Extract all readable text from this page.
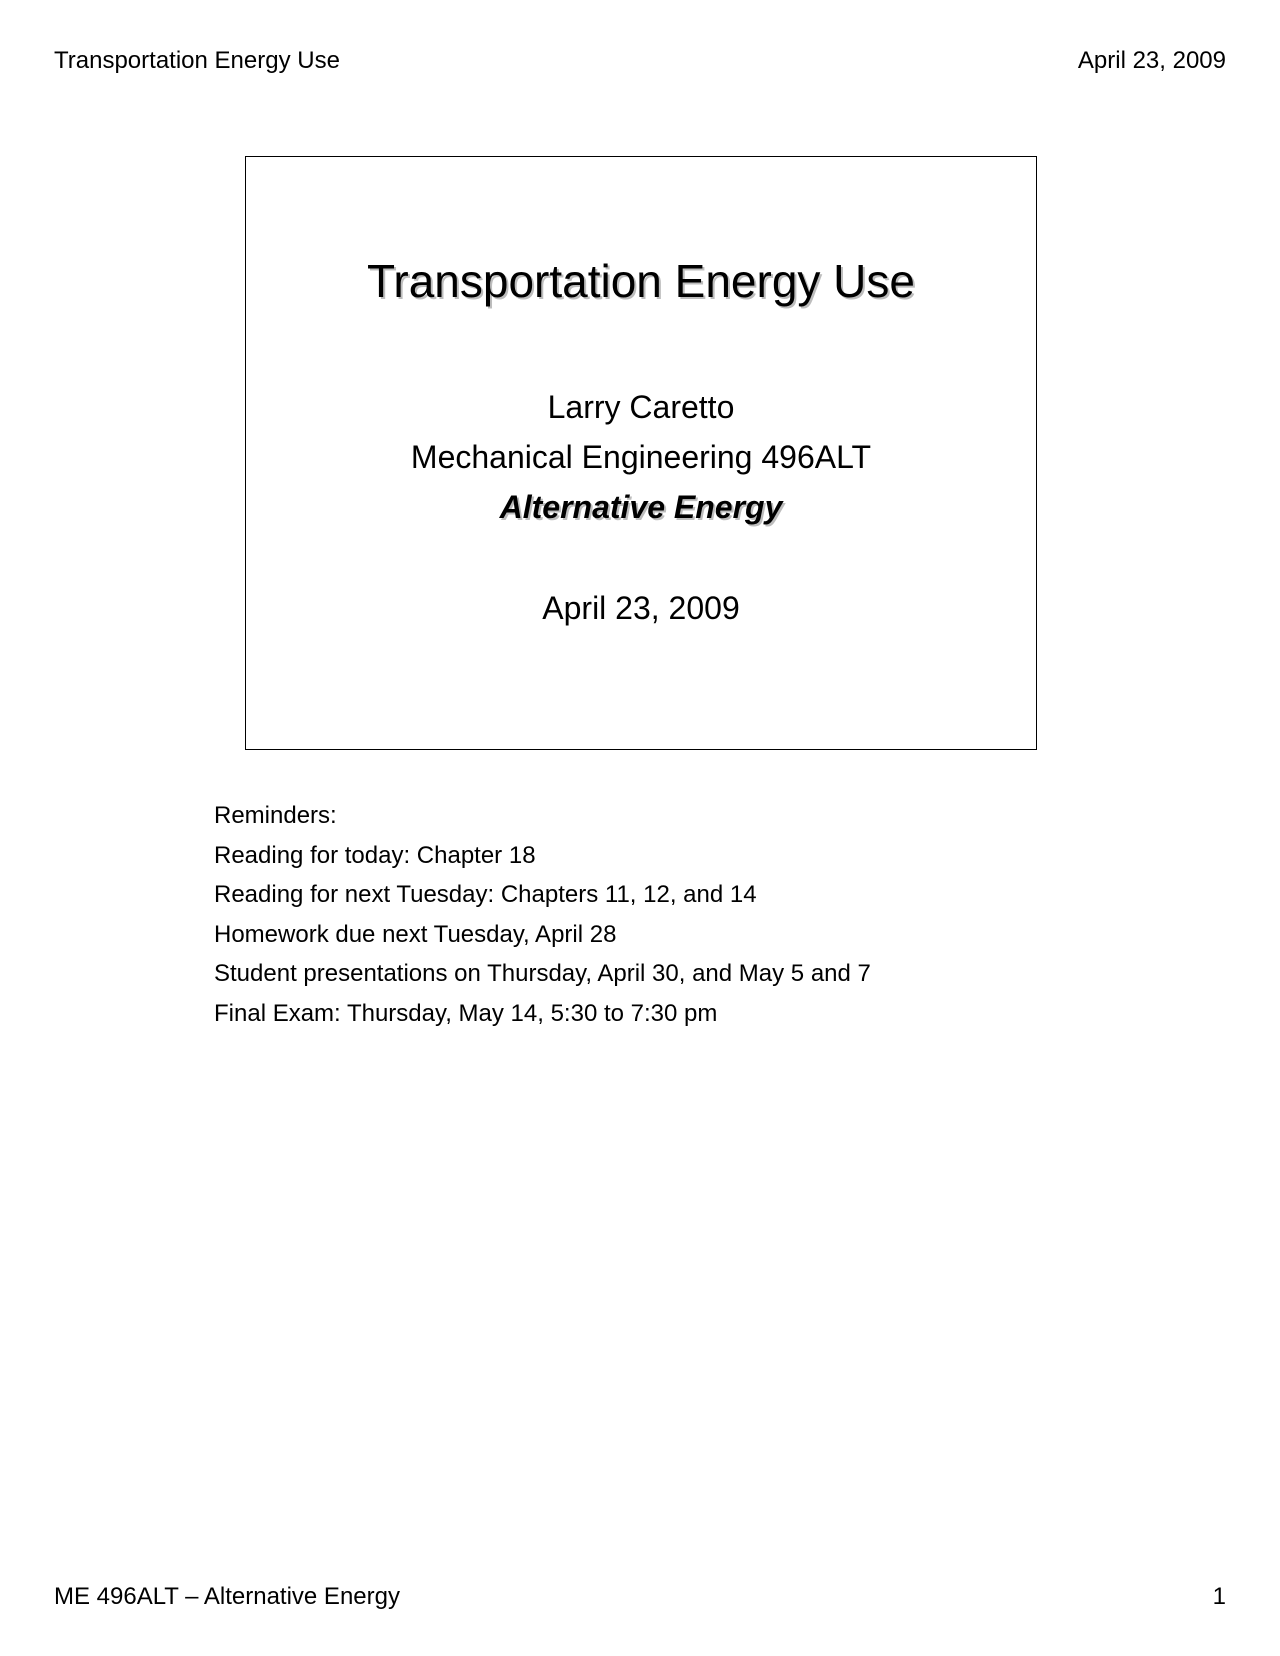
Transportation Energy Use	April 23, 2009
Transportation Energy Use
Larry Caretto
Mechanical Engineering 496ALT
Alternative Energy
April 23, 2009
Reminders:
Reading for today: Chapter 18
Reading for next Tuesday: Chapters 11, 12, and 14
Homework due next Tuesday, April 28
Student presentations on Thursday, April 30, and May 5 and 7
Final Exam: Thursday, May 14, 5:30 to 7:30 pm
ME 496ALT – Alternative Energy	1
